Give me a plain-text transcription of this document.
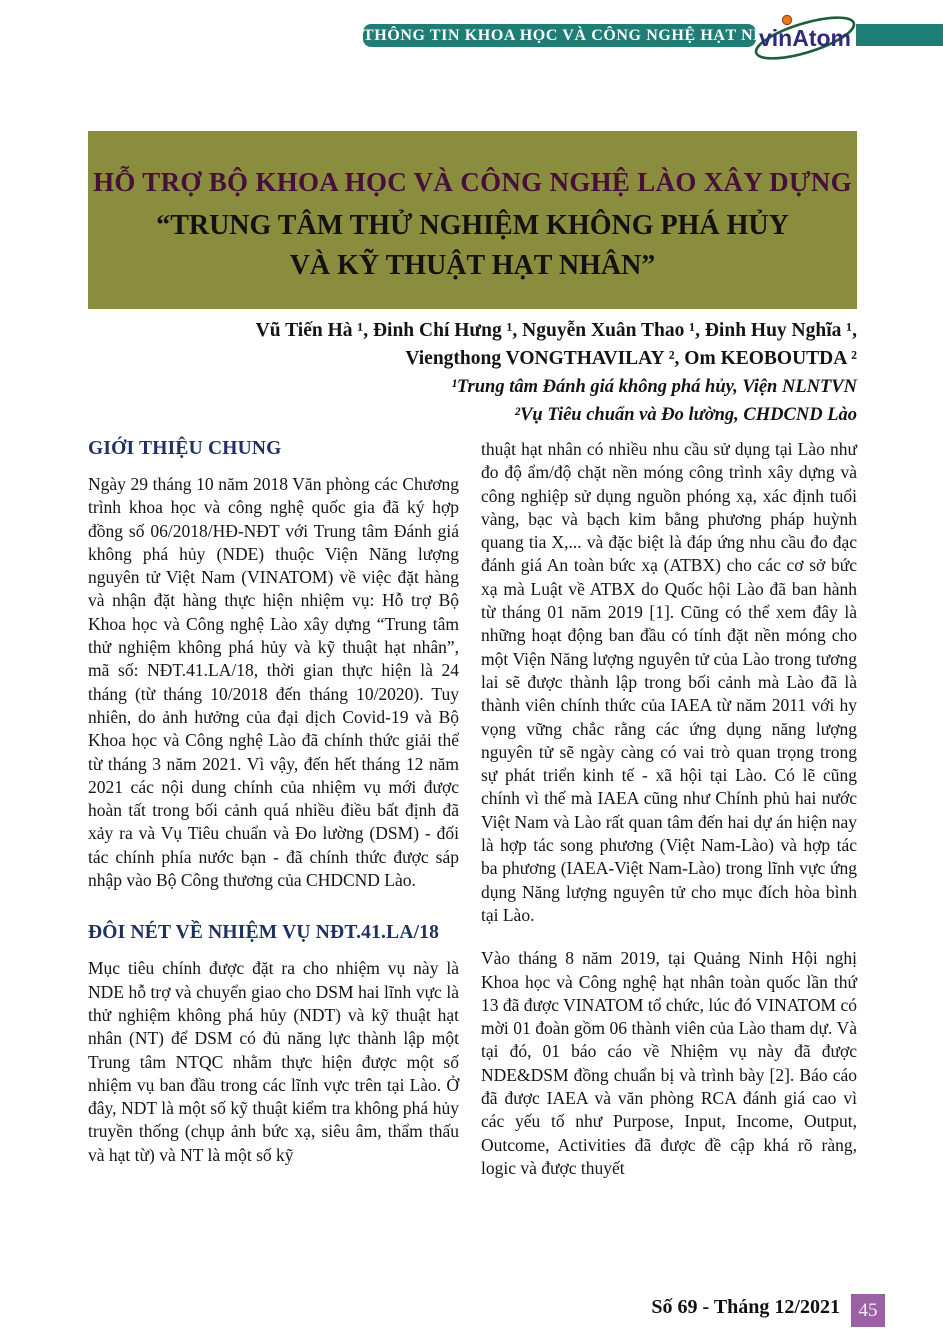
THÔNG TIN KHOA HỌC VÀ CÔNG NGHỆ HẠT NHÂN
vinAtom
HỖ TRỢ BỘ KHOA HỌC VÀ CÔNG NGHỆ LÀO XÂY DỰNG
“TRUNG TÂM THỬ NGHIỆM KHÔNG PHÁ HỦY
VÀ KỸ THUẬT HẠT NHÂN”
Vũ Tiến Hà ¹, Đinh Chí Hưng ¹, Nguyễn Xuân Thao ¹, Đinh Huy Nghĩa ¹,
Viengthong VONGTHAVILAY ², Om KEOBOUTDA ²
¹Trung tâm Đánh giá không phá hủy, Viện NLNTVN
²Vụ Tiêu chuẩn và Đo lường, CHDCND Lào
GIỚI THIỆU CHUNG

Ngày 29 tháng 10 năm 2018 Văn phòng các Chương trình khoa học và công nghệ quốc gia đã ký hợp đồng số 06/2018/HĐ-NĐT với Trung tâm Đánh giá không phá hủy (NDE) thuộc Viện Năng lượng nguyên tử Việt Nam (VINATOM) về việc đặt hàng và nhận đặt hàng thực hiện nhiệm vụ: Hỗ trợ Bộ Khoa học và Công nghệ Lào xây dựng “Trung tâm thử nghiệm không phá hủy và kỹ thuật hạt nhân”, mã số: NĐT.41.LA/18, thời gian thực hiện là 24 tháng (từ tháng 10/2018 đến tháng 10/2020). Tuy nhiên, do ảnh hưởng của đại dịch Covid-19 và Bộ Khoa học và Công nghệ Lào đã chính thức giải thể từ tháng 3 năm 2021. Vì vậy, đến hết tháng 12 năm 2021 các nội dung chính của nhiệm vụ mới được hoàn tất trong bối cảnh quá nhiều điều bất định đã xảy ra và Vụ Tiêu chuẩn và Đo lường (DSM) - đối tác chính phía nước bạn - đã chính thức được sáp nhập vào Bộ Công thương của CHDCND Lào.

ĐÔI NÉT VỀ NHIỆM VỤ NĐT.41.LA/18

Mục tiêu chính được đặt ra cho nhiệm vụ này là NDE hỗ trợ và chuyển giao cho DSM hai lĩnh vực là thử nghiệm không phá hủy (NDT) và kỹ thuật hạt nhân (NT) để DSM có đủ năng lực thành lập một Trung tâm NTQC nhằm thực hiện được một số nhiệm vụ ban đầu trong các lĩnh vực trên tại Lào. Ở đây, NDT là một số kỹ thuật kiểm tra không phá hủy truyền thống (chụp ảnh bức xạ, siêu âm, thẩm thấu và hạt từ) và NT là một số kỹ

thuật hạt nhân có nhiều nhu cầu sử dụng tại Lào như đo độ ẩm/độ chặt nền móng công trình xây dựng và công nghiệp sử dụng nguồn phóng xạ, xác định tuổi vàng, bạc và bạch kim bằng phương pháp huỳnh quang tia X,... và đặc biệt là đáp ứng nhu cầu đo đạc đánh giá An toàn bức xạ (ATBX) cho các cơ sở bức xạ mà Luật về ATBX do Quốc hội Lào đã ban hành từ tháng 01 năm 2019 [1]. Cũng có thể xem đây là những hoạt động ban đầu có tính đặt nền móng cho một Viện Năng lượng nguyên tử của Lào trong tương lai sẽ được thành lập trong bối cảnh mà Lào đã là thành viên chính thức của IAEA từ năm 2011 với hy vọng vững chắc rằng các ứng dụng năng lượng nguyên tử sẽ ngày càng có vai trò quan trọng trong sự phát triển kinh tế - xã hội tại Lào. Có lẽ cũng chính vì thế mà IAEA cũng như Chính phủ hai nước Việt Nam và Lào rất quan tâm đến hai dự án hiện nay là hợp tác song phương (Việt Nam-Lào) và hợp tác ba phương (IAEA-Việt Nam-Lào) trong lĩnh vực ứng dụng Năng lượng nguyên tử cho mục đích hòa bình tại Lào.

Vào tháng 8 năm 2019, tại Quảng Ninh Hội nghị Khoa học và Công nghệ hạt nhân toàn quốc lần thứ 13 đã được VINATOM tổ chức, lúc đó VINATOM có mời 01 đoàn gồm 06 thành viên của Lào tham dự. Và tại đó, 01 báo cáo về Nhiệm vụ này đã được NDE&DSM đồng chuẩn bị và trình bày [2]. Báo cáo đã được IAEA và văn phòng RCA đánh giá cao vì các yếu tố như Purpose, Input, Income, Output, Outcome, Activities đã được đề cập khá rõ ràng, logic và được thuyết

Số 69 - Tháng 12/2021 45
